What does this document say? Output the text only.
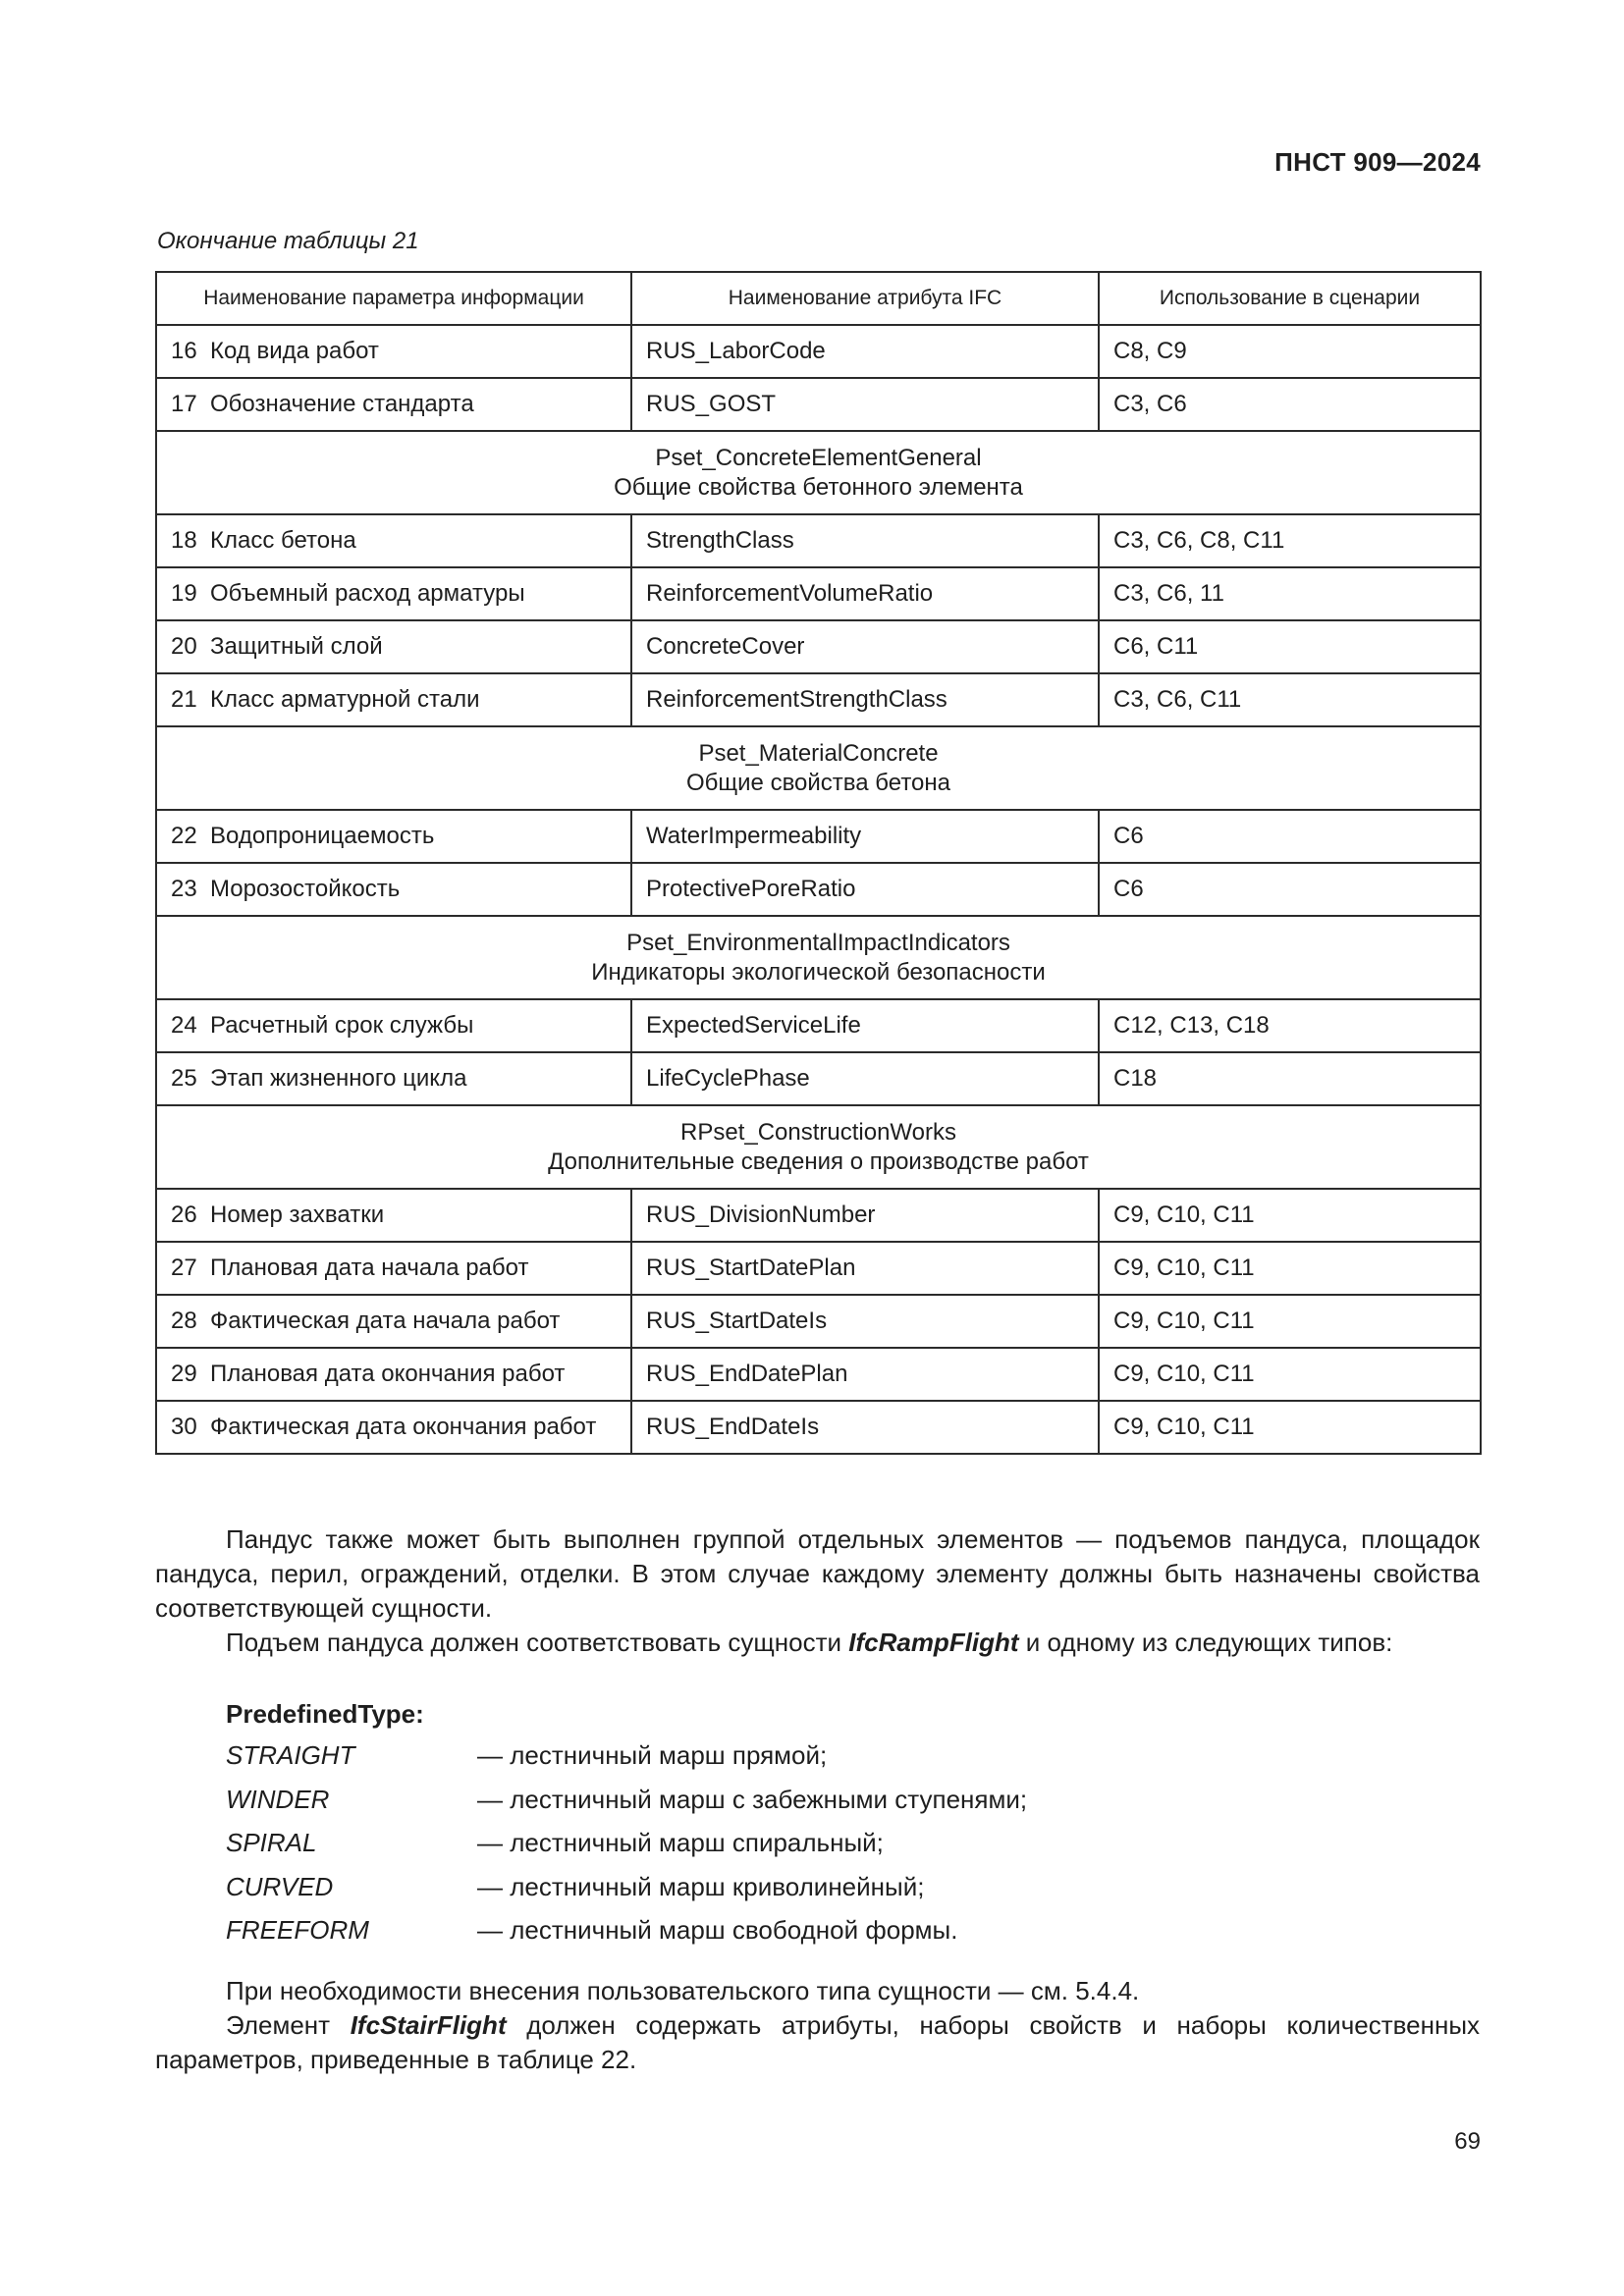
ПНСТ 909—2024
Окончание таблицы 21
Наименование параметра информации	Наименование атрибута IFC	Использование в сценарии
16 Код вида работ	RUS_LaborCode	C8, C9
17 Обозначение стандарта	RUS_GOST	C3, C6

Pset_ConcreteElementGeneral
Общие свойства бетонного элемента		

18 Класс бетона	StrengthClass	C3, C6, C8, C11
19 Объемный расход арматуры	ReinforcementVolumeRatio	C3, C6, 11
20 Защитный слой	ConcreteCover	C6, C11
21 Класс арматурной стали	ReinforcementStrengthClass	C3, C6, C11

Pset_MaterialConcrete
Общие свойства бетона		

22 Водопроницаемость	WaterImpermeability	C6
23 Морозостойкость	ProtectivePoreRatio	C6

Pset_EnvironmentalImpactIndicators
Индикаторы экологической безопасности		

24 Расчетный срок службы	ExpectedServiceLife	C12, C13, C18
25 Этап жизненного цикла	LifeCyclePhase	C18

RPset_ConstructionWorks
Дополнительные сведения о производстве работ		

26 Номер захватки	RUS_DivisionNumber	C9, C10, C11
27 Плановая дата начала работ	RUS_StartDatePlan	C9, C10, C11
28 Фактическая дата начала работ	RUS_StartDateIs	C9, C10, C11
29 Плановая дата окончания работ	RUS_EndDatePlan	C9, C10, C11
30 Фактическая дата окончания работ	RUS_EndDateIs	C9, C10, C11

Пандус также может быть выполнен группой отдельных элементов — подъемов пандуса, площадок пандуса, перил, ограждений, отделки. В этом случае каждому элементу должны быть назначены свойства соответствующей сущности.

Подъем пандуса должен соответствовать сущности IfcRampFlight и одному из следующих типов:

PredefinedType:
STRAIGHT	— лестничный марш прямой;
WINDER	— лестничный марш с забежными ступенями;
SPIRAL	— лестничный марш спиральный;
CURVED	— лестничный марш криволинейный;
FREEFORM	— лестничный марш свободной формы.

При необходимости внесения пользовательского типа сущности — см. 5.4.4.

Элемент IfcStairFlight должен содержать атрибуты, наборы свойств и наборы количественных параметров, приведенные в таблице 22.

69
